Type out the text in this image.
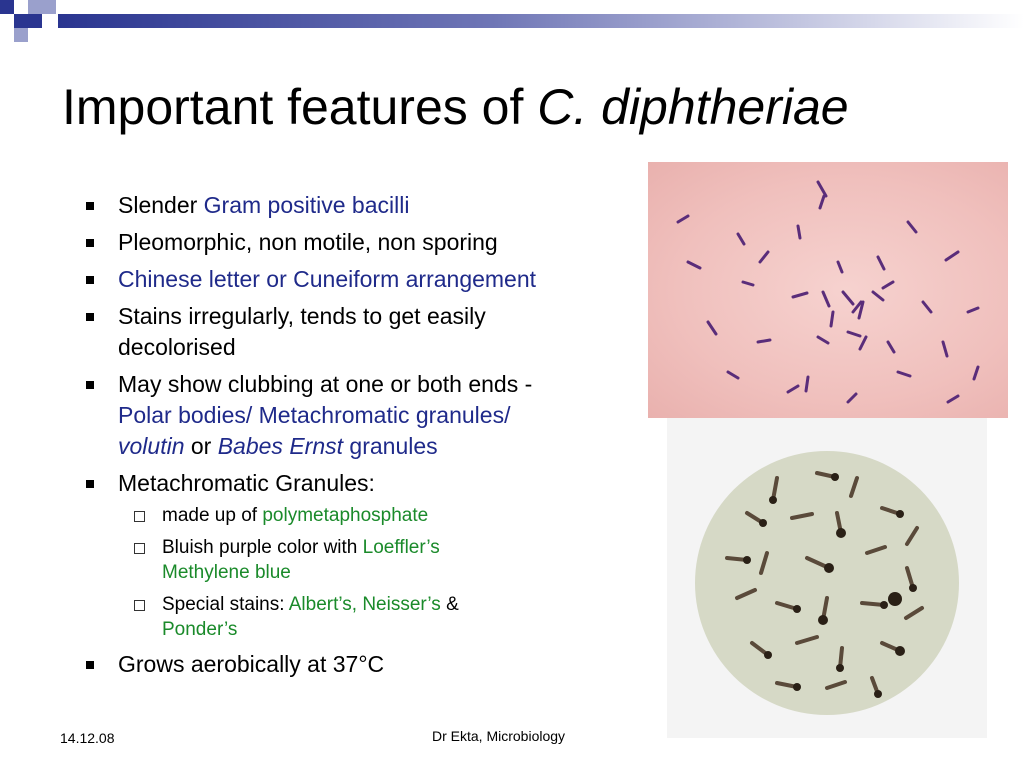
Important features of C. diphtheriae
Slender Gram positive bacilli
Pleomorphic, non motile, non sporing
Chinese letter or Cuneiform arrangement
Stains irregularly, tends to get easily
decolorised
May show clubbing at one or both ends -
Polar bodies/ Metachromatic granules/
volutin or Babes Ernst granules
Metachromatic Granules:
made up of polymetaphosphate
Bluish purple color with Loeffler’s
Methylene blue
Special stains: Albert’s, Neisser’s &
Ponder’s
Grows aerobically at 37°C
14.12.08	Dr Ekta, Microbiology
